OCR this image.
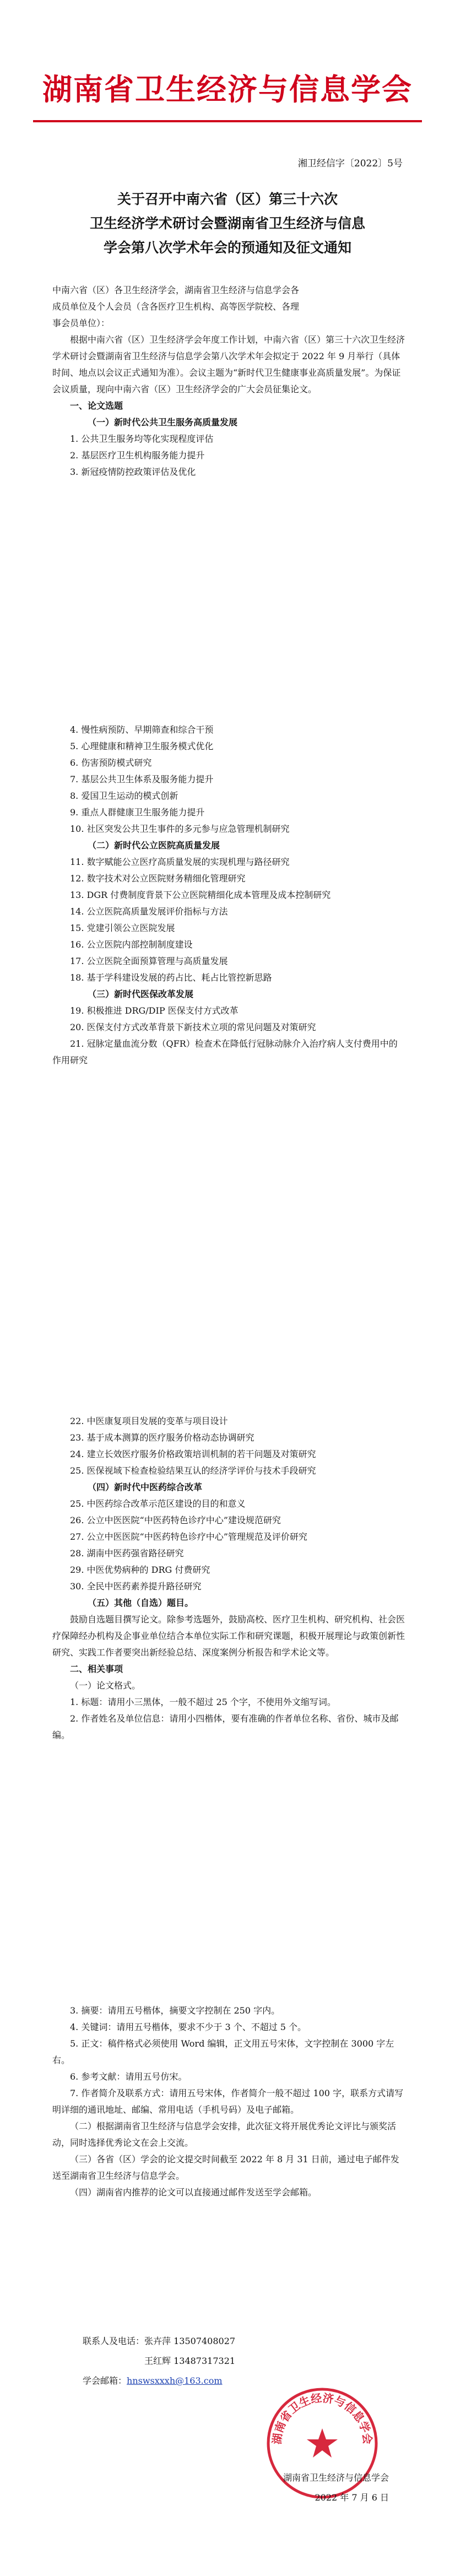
湖南省卫生经济与信息学会
湘卫经信字〔2022〕5号
关于召开中南六省（区）第三十六次
卫生经济学术研讨会暨湖南省卫生经济与信息
学会第八次学术年会的预通知及征文通知

中南六省（区）各卫生经济学会，湖南省卫生经济与信息学会各

成员单位及个人会员（含各医疗卫生机构、高等医学院校、各理

事会员单位）：

根据中南六省（区）卫生经济学会年度工作计划，中南六省（区）第三十六次卫生经济学术研讨会暨湖南省卫生经济与信息学会第八次学术年会拟定于 2022 年 9 月举行（具体时间、地点以会议正式通知为准）。会议主题为“新时代卫生健康事业高质量发展”。为保证会议质量，现向中南六省（区）卫生经济学会的广大会员征集论文。

一、论文选题

（一）新时代公共卫生服务高质量发展

1. 公共卫生服务均等化实现程度评估

2. 基层医疗卫生机构服务能力提升

3. 新冠疫情防控政策评估及优化

4. 慢性病预防、早期筛查和综合干预

5. 心理健康和精神卫生服务模式优化

6. 伤害预防模式研究

7. 基层公共卫生体系及服务能力提升

8. 爱国卫生运动的模式创新

9. 重点人群健康卫生服务能力提升

10. 社区突发公共卫生事件的多元参与应急管理机制研究

（二）新时代公立医院高质量发展

11. 数字赋能公立医疗高质量发展的实现机理与路径研究

12. 数字技术对公立医院财务精细化管理研究

13. DGR 付费制度背景下公立医院精细化成本管理及成本控制研究

14. 公立医院高质量发展评价指标与方法

15. 党建引领公立医院发展

16. 公立医院内部控制制度建设

17. 公立医院全面预算管理与高质量发展

18. 基于学科建设发展的药占比、耗占比管控新思路

（三）新时代医保改革发展

19. 积极推进 DRG/DIP 医保支付方式改革

20. 医保支付方式改革背景下新技术立项的常见问题及对策研究

21. 冠脉定量血流分数（QFR）检查术在降低行冠脉动脉介入治疗病人支付费用中的作用研究

22. 中医康复项目发展的变革与项目设计

23. 基于成本测算的医疗服务价格动态协调研究

24. 建立长效医疗服务价格政策培训机制的若干问题及对策研究

25. 医保视域下检查检验结果互认的经济学评价与技术手段研究

（四）新时代中医药综合改革

25. 中医药综合改革示范区建设的目的和意义

26. 公立中医医院“中医药特色诊疗中心”建设规范研究

27. 公立中医医院“中医药特色诊疗中心”管理规范及评价研究

28. 湖南中医药强省路径研究

29. 中医优势病种的 DRG 付费研究

30. 全民中医药素养提升路径研究

（五）其他（自选）题目。

鼓励自选题目撰写论文。除参考选题外，鼓励高校、医疗卫生机构、研究机构、社会医疗保障经办机构及企事业单位结合本单位实际工作和研究课题，积极开展理论与政策创新性研究、实践工作者要突出新经验总结、深度案例分析报告和学术论文等。

二、相关事项

（一）论文格式。

1. 标题：请用小三黑体，一般不超过 25 个字，不使用外文缩写词。

2. 作者姓名及单位信息：请用小四楷体，要有准确的作者单位名称、省份、城市及邮编。

3. 摘要：请用五号楷体，摘要文字控制在 250 字内。

4. 关键词：请用五号楷体，要求不少于 3 个、不超过 5 个。

5. 正文：稿件格式必须使用 Word 编辑，正文用五号宋体，文字控制在 3000 字左右。

6. 参考文献：请用五号仿宋。

7. 作者简介及联系方式：请用五号宋体，作者简介一般不超过 100 字，联系方式请写明详细的通讯地址、邮编、常用电话（手机号码）及电子邮箱。

（二）根据湖南省卫生经济与信息学会安排，此次征文将开展优秀论文评比与颁奖活动，同时选择优秀论文在会上交流。

（三）各省（区）学会的论文提交时间截至 2022 年 8 月 31 日前，通过电子邮件发送至湖南省卫生经济与信息学会。

（四）湖南省内推荐的论文可以直接通过邮件发送至学会邮箱。

联系人及电话：张卉萍 13507408027
王红辉 13487317321
学会邮箱：hnswsxxxh@163.com
湖南省卫生经济与信息学会
湖南省卫生经济与信息学会
2022 年 7 月 6 日
